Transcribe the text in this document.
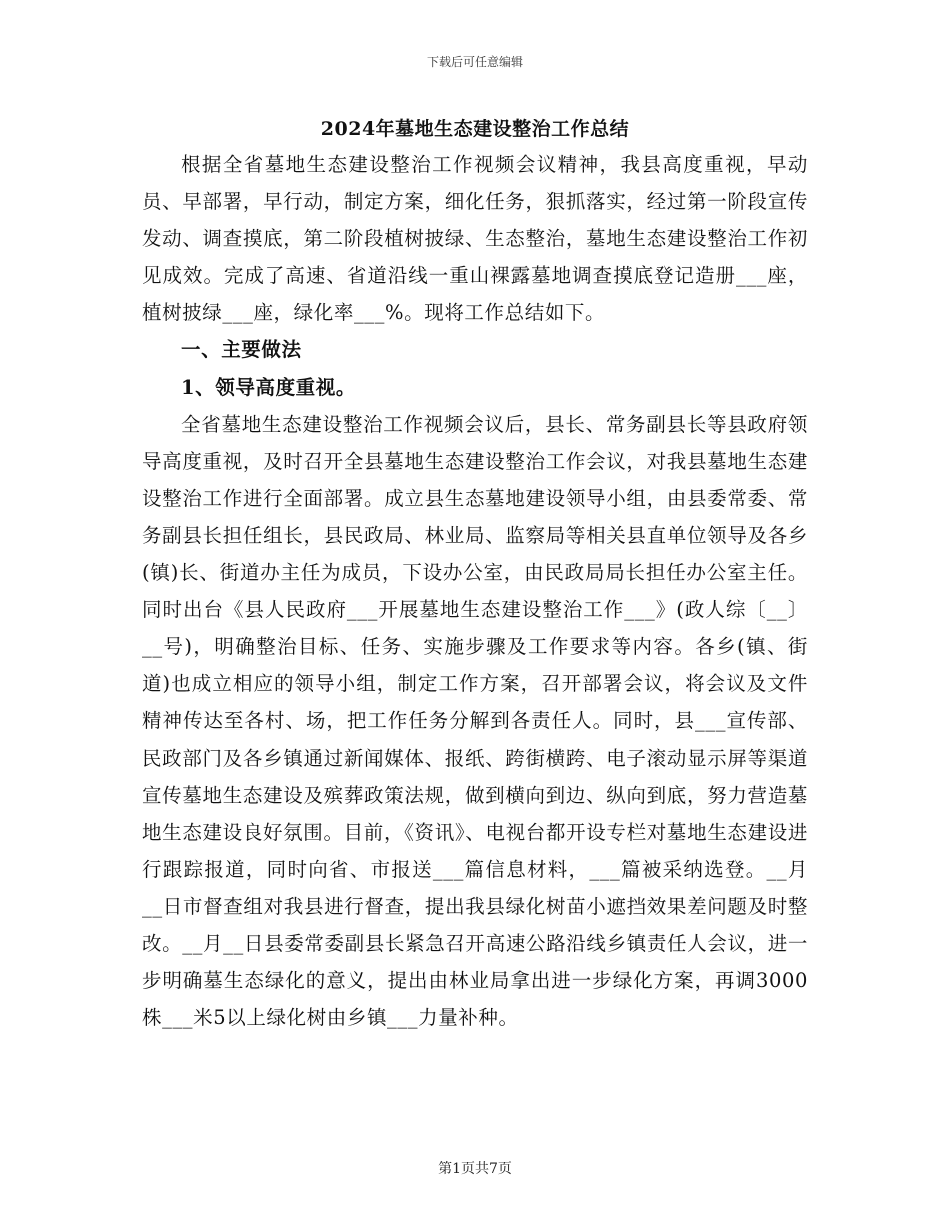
下载后可任意编辑
2024年墓地生态建设整治工作总结

根据全省墓地生态建设整治工作视频会议精神，我县高度重视，早动员、早部署，早行动，制定方案，细化任务，狠抓落实，经过第一阶段宣传发动、调查摸底，第二阶段植树披绿、生态整治，墓地生态建设整治工作初见成效。完成了高速、省道沿线一重山裸露墓地调查摸底登记造册___座，植树披绿___座，绿化率___%。现将工作总结如下。

一、主要做法

1、领导高度重视。

全省墓地生态建设整治工作视频会议后，县长、常务副县长等县政府领导高度重视，及时召开全县墓地生态建设整治工作会议，对我县墓地生态建设整治工作进行全面部署。成立县生态墓地建设领导小组，由县委常委、常务副县长担任组长，县民政局、林业局、监察局等相关县直单位领导及各乡(镇)长、街道办主任为成员，下设办公室，由民政局局长担任办公室主任。同时出台《县人民政府___开展墓地生态建设整治工作___》(政人综〔__〕__号)，明确整治目标、任务、实施步骤及工作要求等内容。各乡(镇、街道)也成立相应的领导小组，制定工作方案，召开部署会议，将会议及文件精神传达至各村、场，把工作任务分解到各责任人。同时，县___宣传部、民政部门及各乡镇通过新闻媒体、报纸、跨街横跨、电子滚动显示屏等渠道宣传墓地生态建设及殡葬政策法规，做到横向到边、纵向到底，努力营造墓地生态建设良好氛围。目前，《资讯》、电视台都开设专栏对墓地生态建设进行跟踪报道，同时向省、市报送___篇信息材料，___篇被采纳选登。__月__日市督查组对我县进行督查，提出我县绿化树苗小遮挡效果差问题及时整改。__月__日县委常委副县长紧急召开高速公路沿线乡镇责任人会议，进一步明确墓生态绿化的意义，提出由林业局拿出进一步绿化方案，再调3000株___米5以上绿化树由乡镇___力量补种。

第1页共7页
